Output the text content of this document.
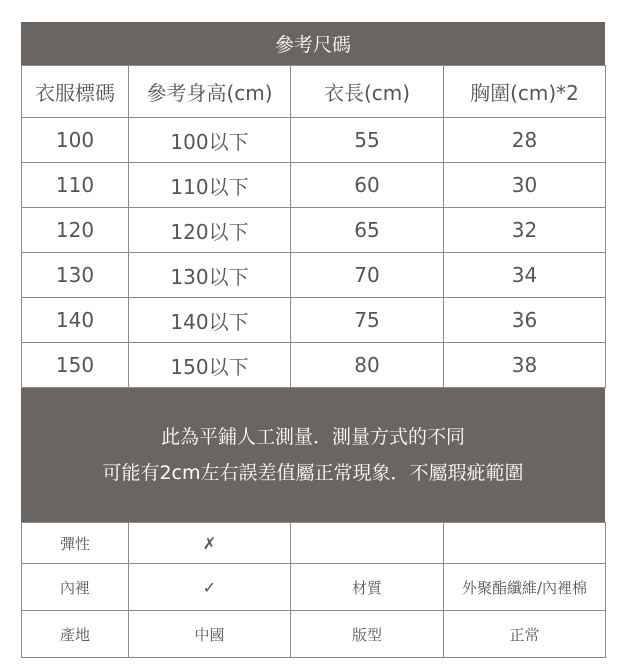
參考尺碼
衣服標碼	參考身高(cm)	衣長(cm)	胸圍(cm)*2
100	100以下	55	28
110	110以下	60	30
120	120以下	65	32
130	130以下	70	34
140	140以下	75	36
150	150以下	80	38
此為平鋪人工測量．測量方式的不同
可能有2cm左右誤差值屬正常現象．不屬瑕疵範圍
彈性	✗		
內裡	✓	材質	外聚酯纖維/內裡棉
產地	中國	版型	正常
